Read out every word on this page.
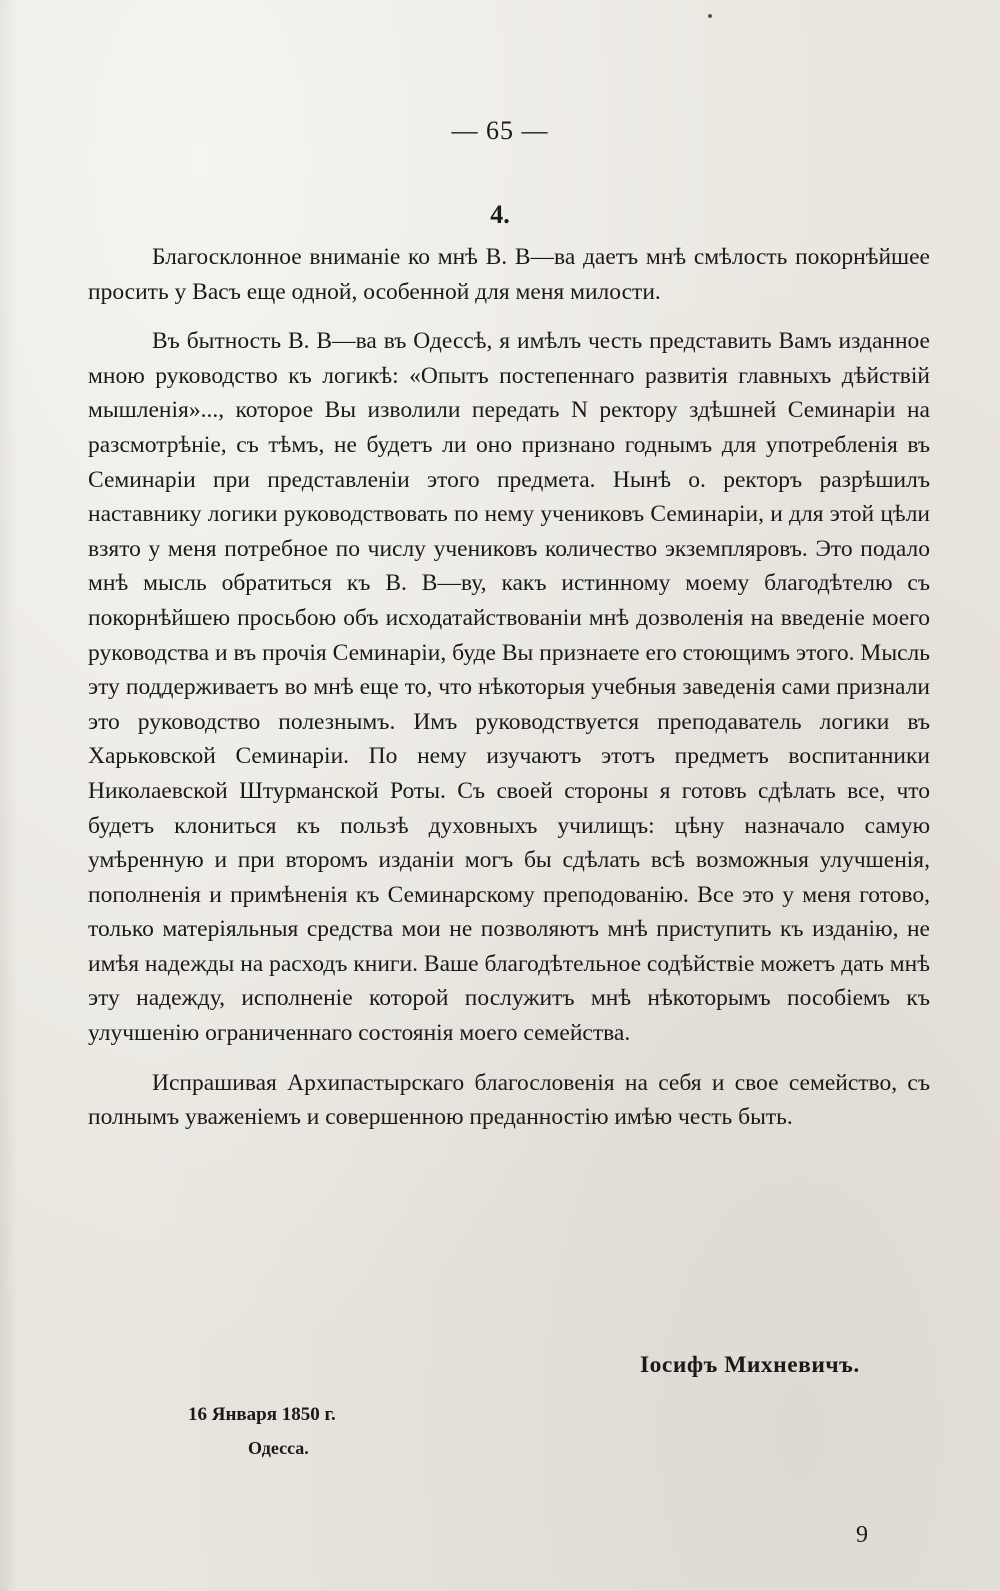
— 65 —
4.

Благосклонное вниманіе ко мнѣ В. В—ва даетъ мнѣ смѣлость покорнѣйшее просить у Васъ еще одной, особенной для меня милости.

Въ бытность В. В—ва въ Одессѣ, я имѣлъ честь представить Вамъ изданное мною руководство къ логикѣ: «Опытъ постепеннаго развитія главныхъ дѣйствій мышленія»..., которое Вы изволили передать N ректору здѣшней Семинаріи на разсмотрѣніе, съ тѣмъ, не будетъ ли оно признано годнымъ для употребленія въ Семинаріи при представленіи этого предмета. Нынѣ о. ректоръ разрѣшилъ наставнику логики руководствовать по нему учениковъ Семинаріи, и для этой цѣли взято у меня потребное по числу учениковъ количество экземпляровъ. Это подало мнѣ мысль обратиться къ В. В—ву, какъ истинному моему благодѣтелю съ покорнѣйшею просьбою объ исходатайствованіи мнѣ дозволенія на введеніе моего руководства и въ прочія Семинаріи, буде Вы признаете его стоющимъ этого. Мысль эту поддерживаетъ во мнѣ еще то, что нѣкоторыя учебныя заведенія сами признали это руководство полезнымъ. Имъ руководствуется преподаватель логики въ Харьковской Семинаріи. По нему изучаютъ этотъ предметъ воспитанники Николаевской Штурманской Роты. Съ своей стороны я готовъ сдѣлать все, что будетъ клониться къ пользѣ духовныхъ училищъ: цѣну назначало самую умѣренную и при второмъ изданіи могъ бы сдѣлать всѣ возможныя улучшенія, пополненія и примѣненія къ Семинарскому преподованію. Все это у меня готово, только матеріяльныя средства мои не позволяютъ мнѣ приступить къ изданію, не имѣя надежды на расходъ книги. Ваше благодѣтельное содѣйствіе можетъ дать мнѣ эту надежду, исполненіе которой послужитъ мнѣ нѣкоторымъ пособіемъ къ улучшенію ограниченнаго состоянія моего семейства.

Испрашивая Архипастырскаго благословенія на себя и свое семейство, съ полнымъ уваженіемъ и совершенною преданностію имѣю честь быть.

Іосифъ Михневичъ.
16 Января 1850 г.
Одесса.
9
